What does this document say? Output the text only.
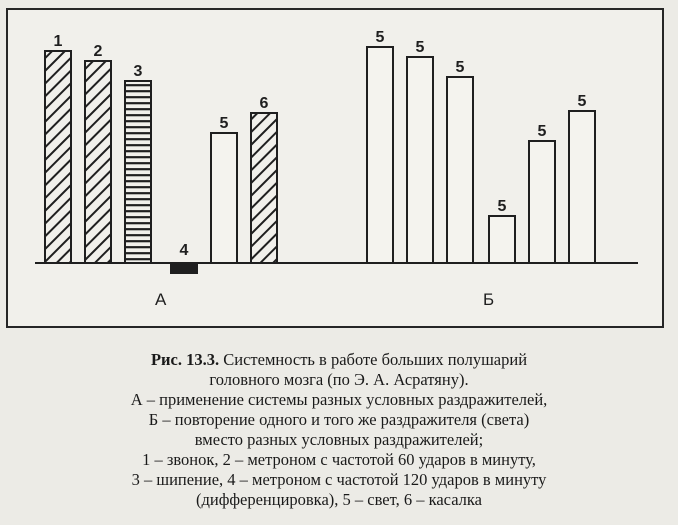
1
2
3
4
5
6
5
5
5
5
5
5
А	Б
Рис. 13.3. Системность в работе больших полушарий
головного мозга (по Э. А. Асратяну).
А – применение системы разных условных раздражителей,
Б – повторение одного и того же раздражителя (света)
вместо разных условных раздражителей;
1 – звонок, 2 – метроном с частотой 60 ударов в минуту,
3 – шипение, 4 – метроном с частотой 120 ударов в минуту
(дифференцировка), 5 – свет, 6 – касалка
